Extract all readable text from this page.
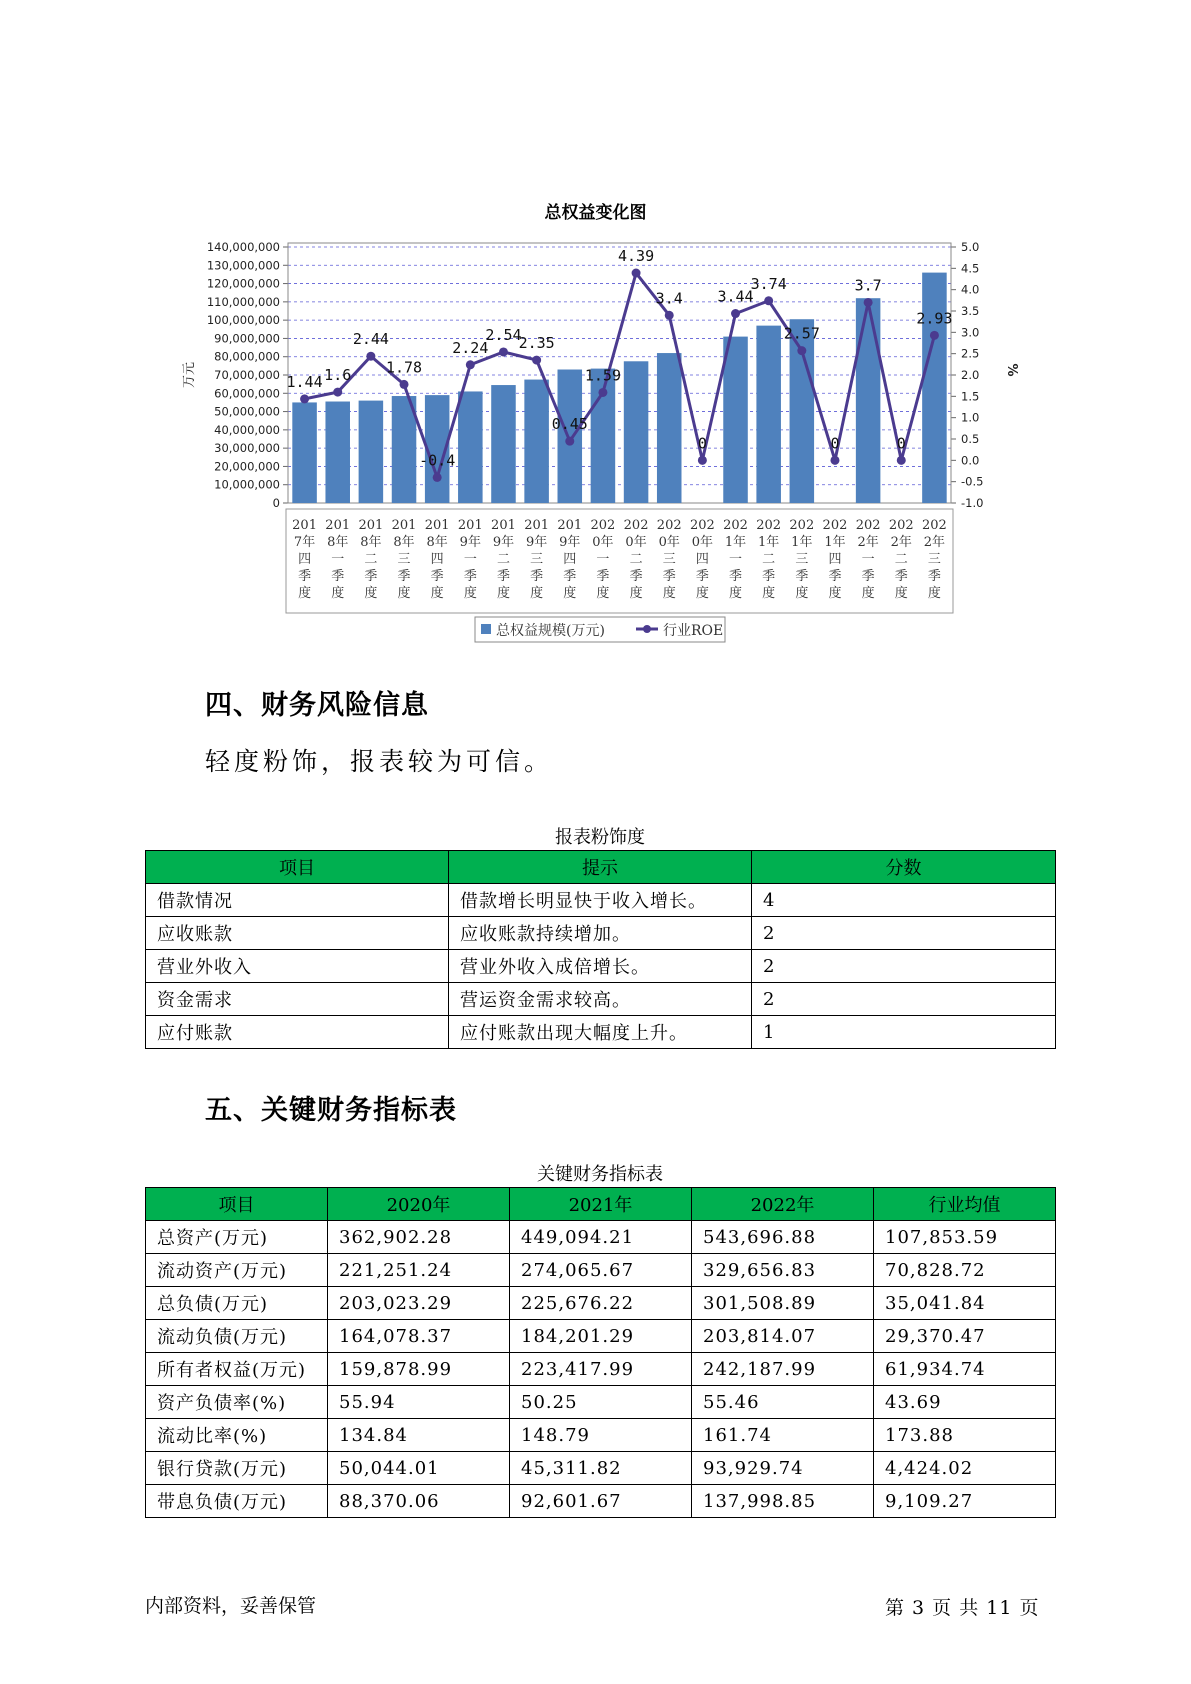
总权益变化图
0
10,000,000
20,000,000
30,000,000
40,000,000
50,000,000
60,000,000
70,000,000
80,000,000
90,000,000
100,000,000
110,000,000
120,000,000
130,000,000
140,000,000
-1.0
-0.5
0.0
0.5
1.0
1.5
2.0
2.5
3.0
3.5
4.0
4.5
5.0
万元	%
201
7年
四
季
度
201
8年
一
季
度
201
8年
二
季
度
201
8年
三
季
度
201
8年
四
季
度
201
9年
一
季
度
201
9年
二
季
度
201
9年
三
季
度
201
9年
四
季
度
202
0年
一
季
度
202
0年
二
季
度
202
0年
三
季
度
202
0年
四
季
度
202
1年
一
季
度
202
1年
二
季
度
202
1年
三
季
度
202
1年
四
季
度
202
2年
一
季
度
202
2年
二
季
度
202
2年
三
季
度
1.44 1.6
2.44
1.78
-0.4
2.24
2.54
2.35
0.45
1.59
4.39
3.4
0
3.44
3.74
2.57
0
3.7
0
2.93
总权益规模(万元)	行业ROE
四、财务风险信息
轻度粉饰，报表较为可信。
报表粉饰度
项目	提示	分数
借款情况	借款增长明显快于收入增长。	4
应收账款	应收账款持续增加。	2
营业外收入	营业外收入成倍增长。	2
资金需求	营运资金需求较高。	2
应付账款	应付账款出现大幅度上升。	1
五、关键财务指标表
关键财务指标表
项目	2020年	2021年	2022年	行业均值
总资产(万元)	362,902.28	449,094.21	543,696.88	107,853.59
流动资产(万元)	221,251.24	274,065.67	329,656.83	70,828.72
总负债(万元)	203,023.29	225,676.22	301,508.89	35,041.84
流动负债(万元)	164,078.37	184,201.29	203,814.07	29,370.47
所有者权益(万元)	159,878.99	223,417.99	242,187.99	61,934.74
资产负债率(%)	55.94	50.25	55.46	43.69
流动比率(%)	134.84	148.79	161.74	173.88
银行贷款(万元)	50,044.01	45,311.82	93,929.74	4,424.02
带息负债(万元)	88,370.06	92,601.67	137,998.85	9,109.27
内部资料，妥善保管	第 3 页 共 11 页
